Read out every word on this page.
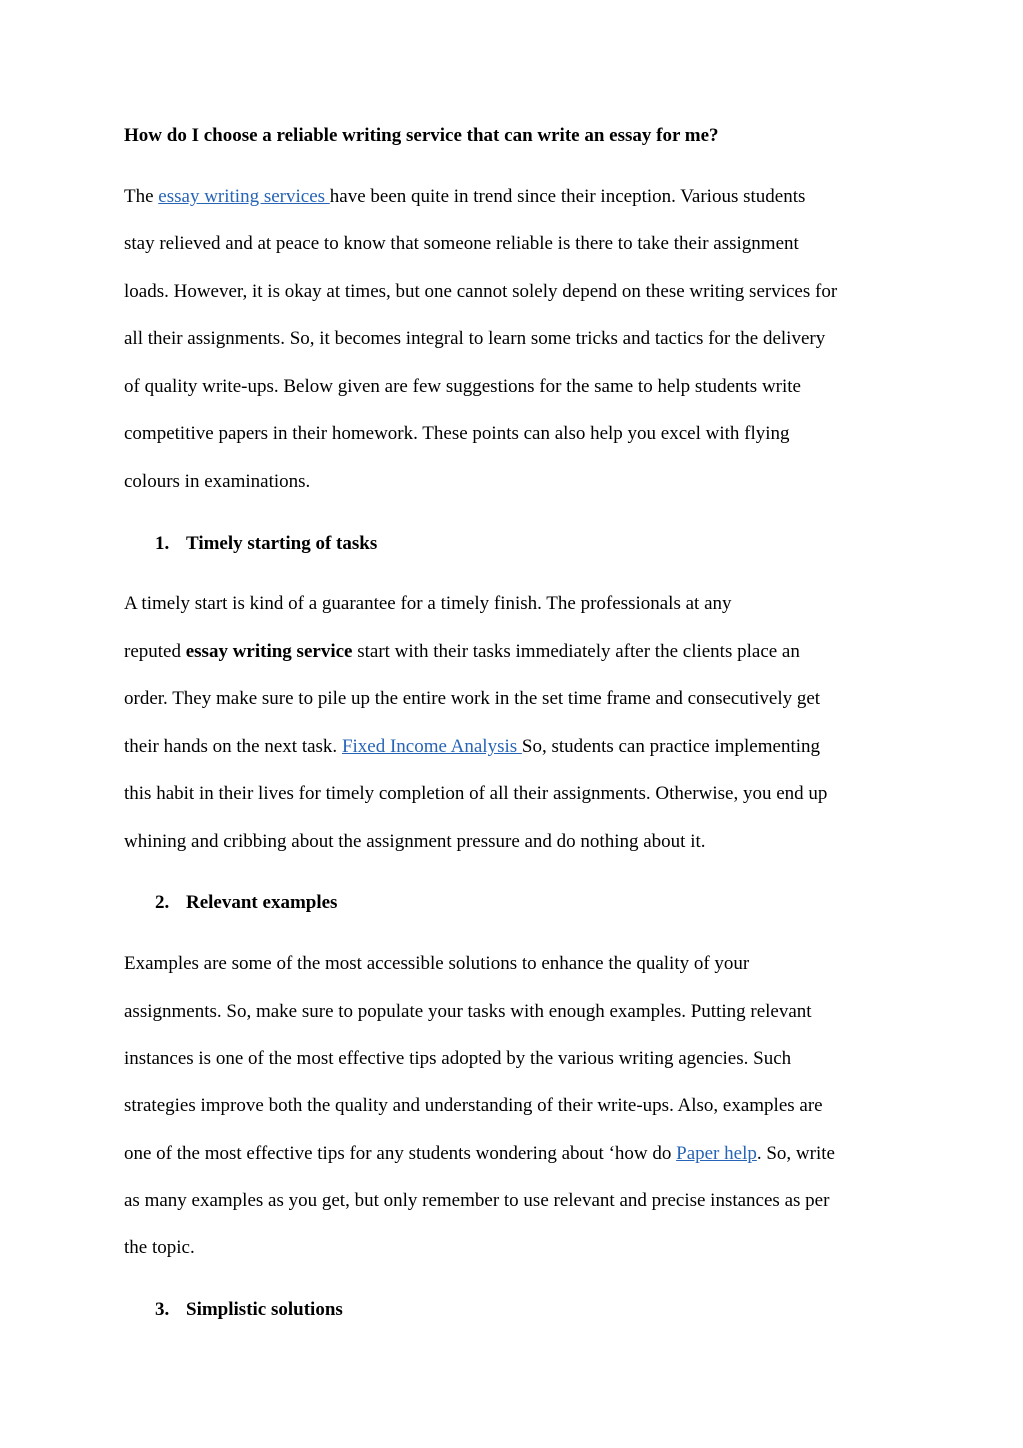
How do I choose a reliable writing service that can write an essay for me?
The essay writing services have been quite in trend since their inception. Various students
stay relieved and at peace to know that someone reliable is there to take their assignment
loads. However, it is okay at times, but one cannot solely depend on these writing services for
all their assignments. So, it becomes integral to learn some tricks and tactics for the delivery
of quality write-ups. Below given are few suggestions for the same to help students write
competitive papers in their homework. These points can also help you excel with flying
colours in examinations.
1. Timely starting of tasks
A timely start is kind of a guarantee for a timely finish. The professionals at any
reputed essay writing service start with their tasks immediately after the clients place an
order. They make sure to pile up the entire work in the set time frame and consecutively get
their hands on the next task. Fixed Income Analysis So, students can practice implementing
this habit in their lives for timely completion of all their assignments. Otherwise, you end up
whining and cribbing about the assignment pressure and do nothing about it.
2. Relevant examples
Examples are some of the most accessible solutions to enhance the quality of your
assignments. So, make sure to populate your tasks with enough examples. Putting relevant
instances is one of the most effective tips adopted by the various writing agencies. Such
strategies improve both the quality and understanding of their write-ups. Also, examples are
one of the most effective tips for any students wondering about ‘how do Paper help. So, write
as many examples as you get, but only remember to use relevant and precise instances as per
the topic.
3. Simplistic solutions
